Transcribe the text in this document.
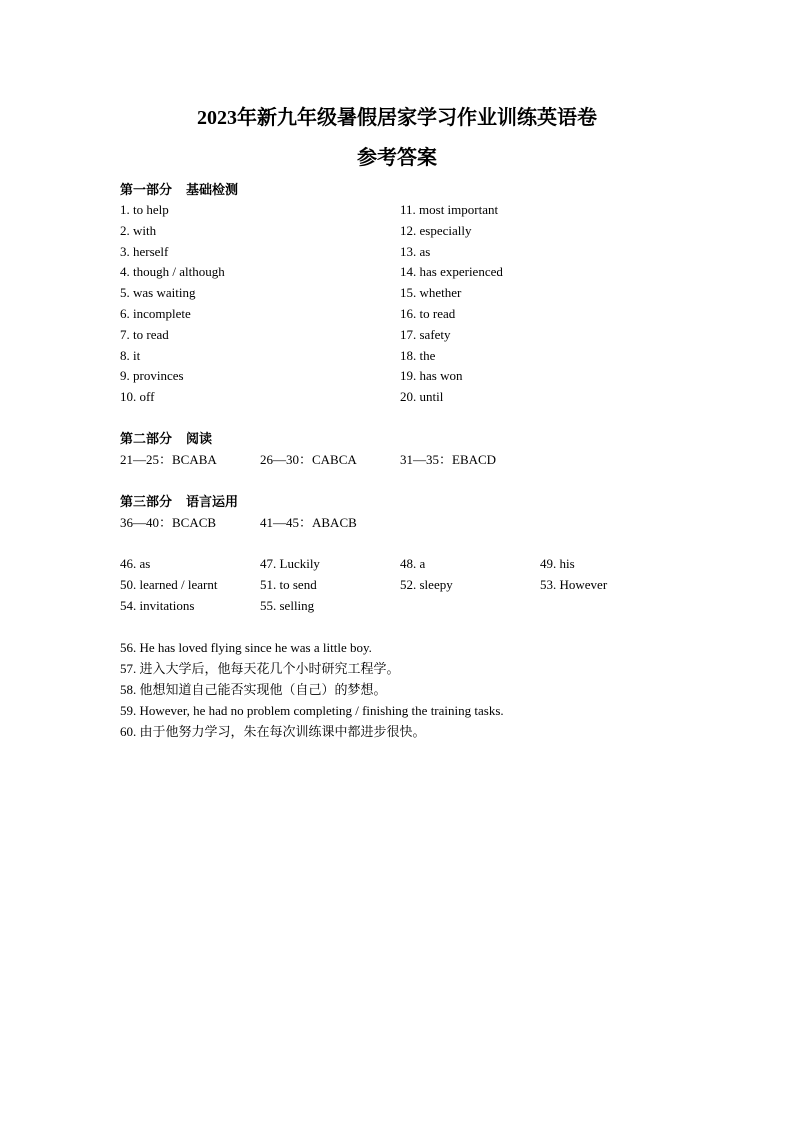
2023年新九年级暑假居家学习作业训练英语卷
参考答案
第一部分 基础检测
1. to help	11. most important
2. with	12. especially
3. herself	13. as
4. though / although	14. has experienced
5. was waiting	15. whether
6. incomplete	16. to read
7. to read	17. safety
8. it	18. the
9. provinces	19. has won
10. off	20. until
第二部分 阅读
21—25：BCABA	26—30：CABCA	31—35：EBACD
第三部分 语言运用
36—40：BCACB	41—45：ABACB
46. as	47. Luckily	48. a	49. his
50. learned / learnt	51. to send	52. sleepy	53. However
54. invitations	55. selling
56. He has loved flying since he was a little boy.
57. 进入大学后，他每天花几个小时研究工程学。
58. 他想知道自己能否实现他（自己）的梦想。
59. However, he had no problem completing / finishing the training tasks.
60. 由于他努力学习，朱在每次训练课中都进步很快。
